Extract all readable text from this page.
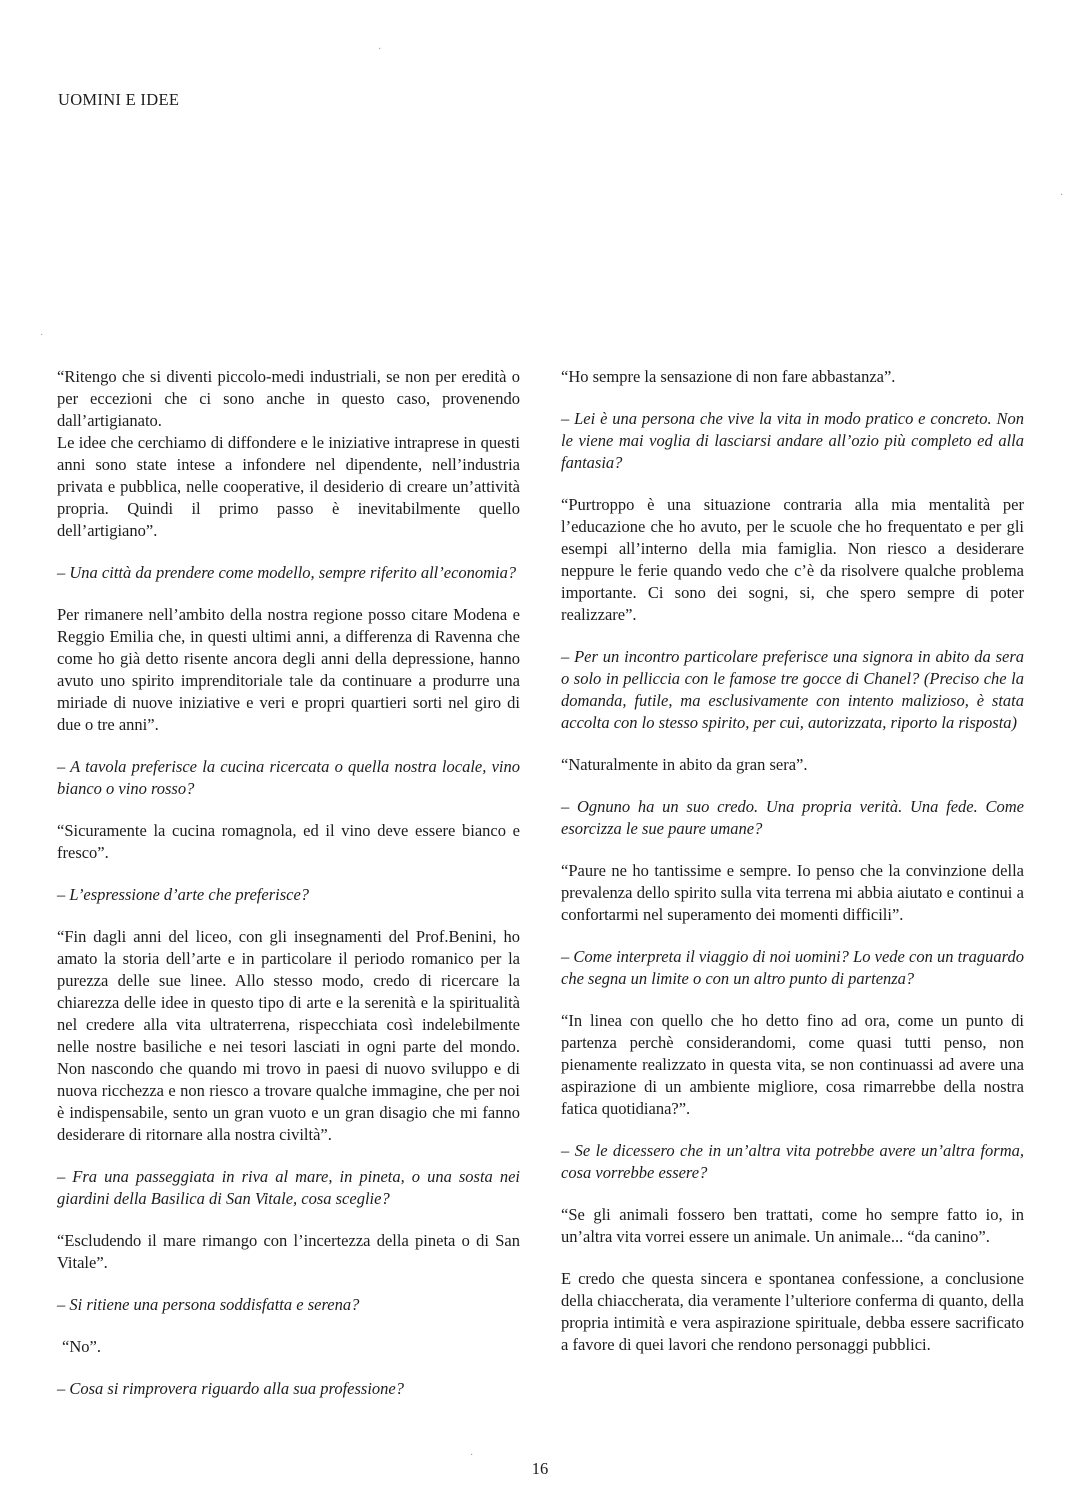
UOMINI E IDEE

“Ritengo che si diventi piccolo-medi industriali, se non per eredità o per eccezioni che ci sono anche in questo caso, provenendo dall’artigianato.

Le idee che cerchiamo di diffondere e le iniziative intraprese in questi anni sono state intese a infondere nel dipendente, nell’industria privata e pubblica, nelle cooperative, il desiderio di creare un’attività propria. Quindi il primo passo è inevitabilmente quello dell’artigiano”.

– Una città da prendere come modello, sempre riferito all’economia?

Per rimanere nell’ambito della nostra regione posso citare Modena e Reggio Emilia che, in questi ultimi anni, a differenza di Ravenna che come ho già detto risente ancora degli anni della depressione, hanno avuto uno spirito imprenditoriale tale da continuare a produrre una miriade di nuove iniziative e veri e propri quartieri sorti nel giro di due o tre anni”.

– A tavola preferisce la cucina ricercata o quella nostra locale, vino bianco o vino rosso?

“Sicuramente la cucina romagnola, ed il vino deve essere bianco e fresco”.

– L’espressione d’arte che preferisce?

“Fin dagli anni del liceo, con gli insegnamenti del Prof.Benini, ho amato la storia dell’arte e in particolare il periodo romanico per la purezza delle sue linee. Allo stesso modo, credo di ricercare la chiarezza delle idee in questo tipo di arte e la serenità e la spiritualità nel credere alla vita ultraterrena, rispecchiata così indelebilmente nelle nostre basiliche e nei tesori lasciati in ogni parte del mondo. Non nascondo che quando mi trovo in paesi di nuovo sviluppo e di nuova ricchezza e non riesco a trovare qualche immagine, che per noi è indispensabile, sento un gran vuoto e un gran disagio che mi fanno desiderare di ritornare alla nostra civiltà”.

– Fra una passeggiata in riva al mare, in pineta, o una sosta nei giardini della Basilica di San Vitale, cosa sceglie?

“Escludendo il mare rimango con l’incertezza della pineta o di San Vitale”.

– Si ritiene una persona soddisfatta e serena?

“No”.

– Cosa si rimprovera riguardo alla sua professione?

“Ho sempre la sensazione di non fare abbastanza”.

– Lei è una persona che vive la vita in modo pratico e concreto. Non le viene mai voglia di lasciarsi andare all’ozio più completo ed alla fantasia?

“Purtroppo è una situazione contraria alla mia mentalità per l’educazione che ho avuto, per le scuole che ho frequentato e per gli esempi all’interno della mia famiglia. Non riesco a desiderare neppure le ferie quando vedo che c’è da risolvere qualche problema importante. Ci sono dei sogni, si, che spero sempre di poter realizzare”.

– Per un incontro particolare preferisce una signora in abito da sera o solo in pelliccia con le famose tre gocce di Chanel? (Preciso che la domanda, futile, ma esclusivamente con intento malizioso, è stata accolta con lo stesso spirito, per cui, autorizzata, riporto la risposta)

“Naturalmente in abito da gran sera”.

– Ognuno ha un suo credo. Una propria verità. Una fede. Come esorcizza le sue paure umane?

“Paure ne ho tantissime e sempre. Io penso che la convinzione della prevalenza dello spirito sulla vita terrena mi abbia aiutato e continui a confortarmi nel superamento dei momenti difficili”.

– Come interpreta il viaggio di noi uomini? Lo vede con un traguardo che segna un limite o con un altro punto di partenza?

“In linea con quello che ho detto fino ad ora, come un punto di partenza perchè considerandomi, come quasi tutti penso, non pienamente realizzato in questa vita, se non continuassi ad avere una aspirazione di un ambiente migliore, cosa rimarrebbe della nostra fatica quotidiana?”.

– Se le dicessero che in un’altra vita potrebbe avere un’altra forma, cosa vorrebbe essere?

“Se gli animali fossero ben trattati, come ho sempre fatto io, in un’altra vita vorrei essere un animale. Un animale... “da canino”.

E credo che questa sincera e spontanea confessione, a conclusione della chiaccherata, dia veramente l’ulteriore conferma di quanto, della propria intimità e vera aspirazione spirituale, debba essere sacrificato a favore di quei lavori che rendono personaggi pubblici.

16
·
·
·
·
